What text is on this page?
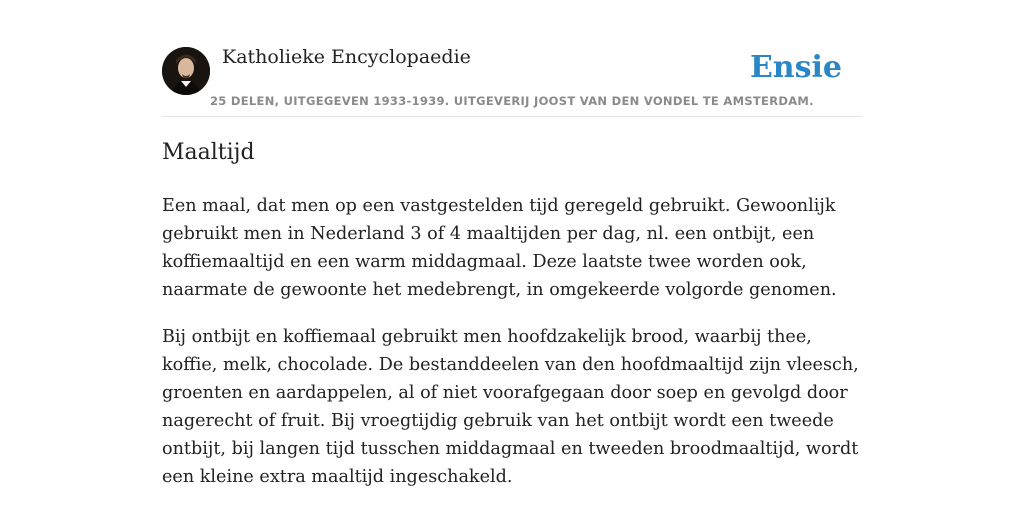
Katholieke Encyclopaedie
25 DELEN, UITGEGEVEN 1933-1939. UITGEVERIJ JOOST VAN DEN VONDEL TE AMSTERDAM.
Ensie
Maaltijd

Een maal, dat men op een vastgestelden tijd geregeld gebruikt. Gewoonlijk gebruikt men in Nederland 3 of 4 maaltijden per dag, nl. een ontbijt, een koffiemaaltijd en een warm middagmaal. Deze laatste twee worden ook, naarmate de gewoonte het medebrengt, in omgekeerde volgorde genomen.

Bij ontbijt en koffiemaal gebruikt men hoofdzakelijk brood, waarbij thee, koffie, melk, chocolade. De bestanddeelen van den hoofdmaaltijd zijn vleesch, groenten en aardappelen, al of niet voorafgegaan door soep en gevolgd door nagerecht of fruit. Bij vroegtijdig gebruik van het ontbijt wordt een tweede ontbijt, bij langen tijd tusschen middagmaal en tweeden broodmaaltijd, wordt een kleine extra maaltijd ingeschakeld.
